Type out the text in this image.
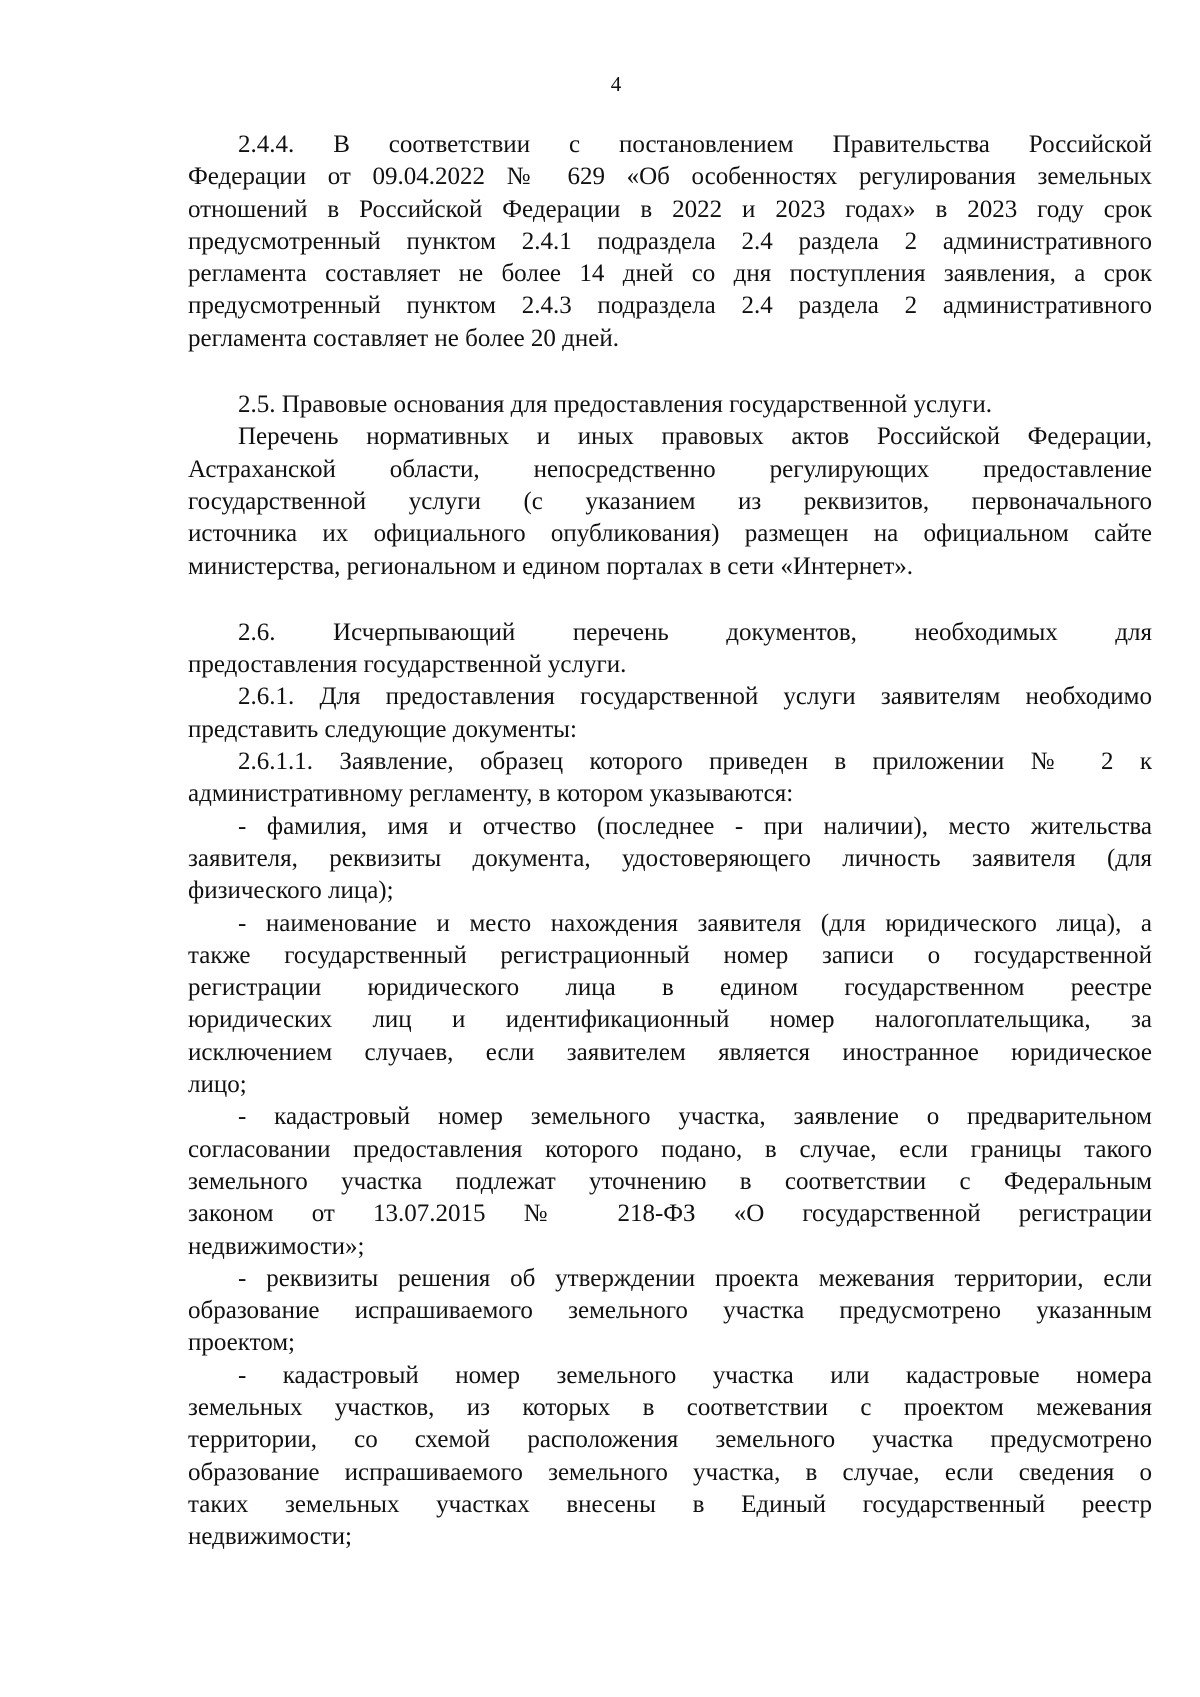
4
2.4.4. В соответствии с постановлением Правительства Российской
Федерации от 09.04.2022 № 629 «Об особенностях регулирования земельных
отношений в Российской Федерации в 2022 и 2023 годах» в 2023 году срок
предусмотренный пунктом 2.4.1 подраздела 2.4 раздела 2 административного
регламента составляет не более 14 дней со дня поступления заявления, а срок
предусмотренный пунктом 2.4.3 подраздела 2.4 раздела 2 административного
регламента составляет не более 20 дней.
2.5. Правовые основания для предоставления государственной услуги.
Перечень нормативных и иных правовых актов Российской Федерации,
Астраханской области, непосредственно регулирующих предоставление
государственной услуги (с указанием из реквизитов, первоначального
источника их официального опубликования) размещен на официальном сайте
министерства, региональном и едином порталах в сети «Интернет».
2.6. Исчерпывающий перечень документов, необходимых для
предоставления государственной услуги.
2.6.1. Для предоставления государственной услуги заявителям необходимо
представить следующие документы:
2.6.1.1. Заявление, образец которого приведен в приложении № 2 к
административному регламенту, в котором указываются:
- фамилия, имя и отчество (последнее - при наличии), место жительства
заявителя, реквизиты документа, удостоверяющего личность заявителя (для
физического лица);
- наименование и место нахождения заявителя (для юридического лица), а
также государственный регистрационный номер записи о государственной
регистрации юридического лица в едином государственном реестре
юридических лиц и идентификационный номер налогоплательщика, за
исключением случаев, если заявителем является иностранное юридическое
лицо;
- кадастровый номер земельного участка, заявление о предварительном
согласовании предоставления которого подано, в случае, если границы такого
земельного участка подлежат уточнению в соответствии с Федеральным
законом от 13.07.2015 № 218-ФЗ «О государственной регистрации
недвижимости»;
- реквизиты решения об утверждении проекта межевания территории, если
образование испрашиваемого земельного участка предусмотрено указанным
проектом;
- кадастровый номер земельного участка или кадастровые номера
земельных участков, из которых в соответствии с проектом межевания
территории, со схемой расположения земельного участка предусмотрено
образование испрашиваемого земельного участка, в случае, если сведения о
таких земельных участках внесены в Единый государственный реестр
недвижимости;
